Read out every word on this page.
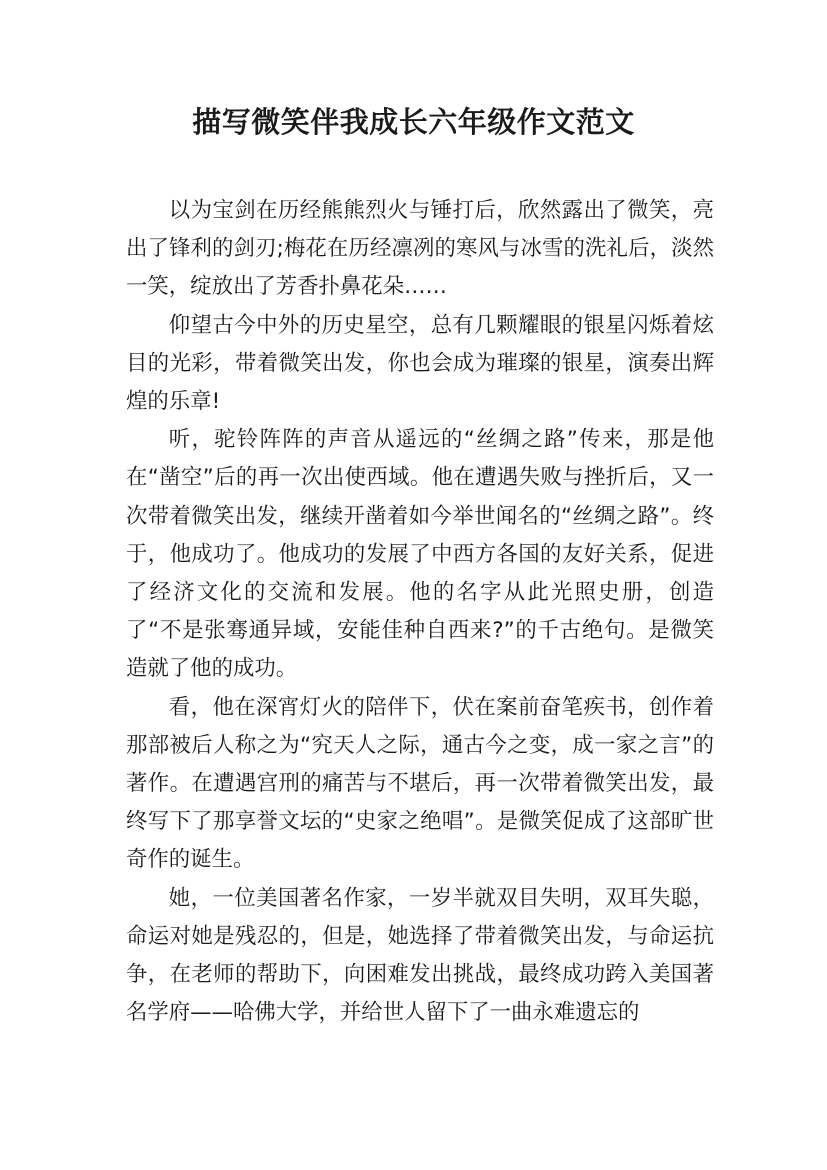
描写微笑伴我成长六年级作文范文

以为宝剑在历经熊熊烈火与锤打后，欣然露出了微笑，亮出了锋利的剑刃;梅花在历经凛冽的寒风与冰雪的洗礼后，淡然一笑，绽放出了芳香扑鼻花朵……

仰望古今中外的历史星空，总有几颗耀眼的银星闪烁着炫目的光彩，带着微笑出发，你也会成为璀璨的银星，演奏出辉煌的乐章!

听，驼铃阵阵的声音从遥远的“丝绸之路”传来，那是他在“凿空”后的再一次出使西域。他在遭遇失败与挫折后，又一次带着微笑出发，继续开凿着如今举世闻名的“丝绸之路”。终于，他成功了。他成功的发展了中西方各国的友好关系，促进了经济文化的交流和发展。他的名字从此光照史册，创造了“不是张骞通异域，安能佳种自西来?”的千古绝句。是微笑造就了他的成功。

看，他在深宵灯火的陪伴下，伏在案前奋笔疾书，创作着那部被后人称之为“究天人之际，通古今之变，成一家之言”的著作。在遭遇宫刑的痛苦与不堪后，再一次带着微笑出发，最终写下了那享誉文坛的“史家之绝唱”。是微笑促成了这部旷世奇作的诞生。

她，一位美国著名作家，一岁半就双目失明，双耳失聪，命运对她是残忍的，但是，她选择了带着微笑出发，与命运抗争，在老师的帮助下，向困难发出挑战，最终成功跨入美国著名学府——哈佛大学，并给世人留下了一曲永难遗忘的
